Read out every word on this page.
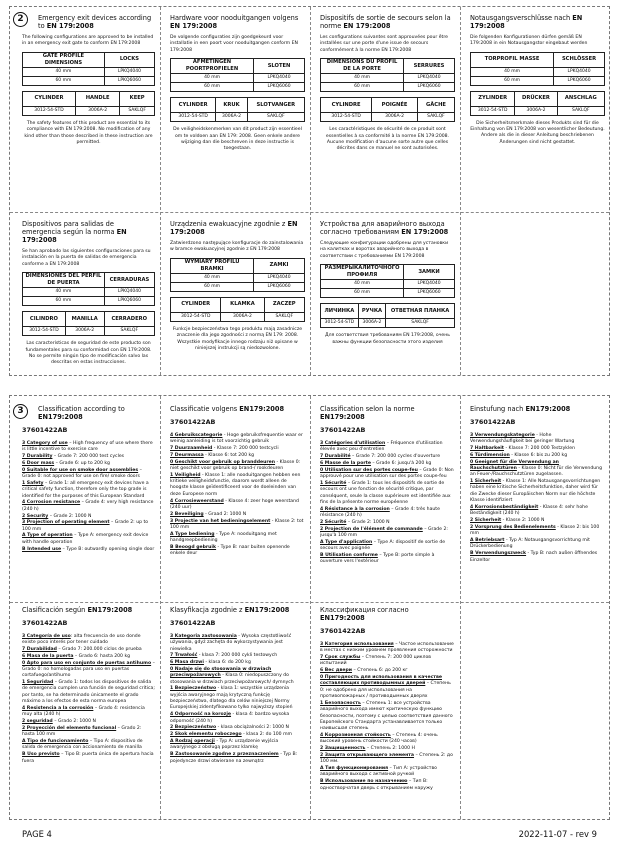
2
3
Emergency exit devices according to EN 179:2008
The following configurations are approved to be installed in an emergency exit gate to conform EN 179:2008
GATE PROFILE DIMENSIONS	LOCKS
40 mm	LPKQ4040
60 mm	LPKQ6060
CYLINDER	HANDLE	KEEP
3012-54-STD	3006A-2	SAKLQF
The safety features of this product are essential to its compliance with EN 179:2008. No modification of any kind other than those described in these instruction are permitted.
Hardware voor nooduitgangen volgens EN 179:2008
De volgende configuraties zijn goedgekeurd voor installatie in een poort voor nooduitgangen conform EN 179:2008
AFMETINGEN POORTPROFIELEN	SLOTEN
40 mm	LPKQ4040
60 mm	LPKQ6060
CYLINDER	KRUK	SLOTVANGER
3012-54-STD	3006A-2	SAKLQF
De veiligheidskenmerken van dit product zijn essentieel om te voldoen aan EN 179: 2008. Geen enkele andere wijziging dan die beschreven in deze instructie is toegestaan.
Dispositifs de sortie de secours selon la norme EN 179:2008
Les configurations suivantes sont approuvées pour être installées sur une porte d'une issue de secours conformément à la norme EN 179:2008
DIMENSIONS DU PROFIL DE LA PORTE	SERRURES
40 mm	LPKQ4040
60 mm	LPKQ6060
CYLINDRE	POIGNÉE	GÂCHE
3012-54-STD	3006A-2	SAKLQF
Les caractéristiques de sécurité de ce produit sont essentielles à sa conformité à la norme EN 179:2008. Aucune modification d'aucune sorte autre que celles décrites dans ce manuel ne sont autorisées.
Notausgangsverschlüsse nach EN 179:2008
Die folgenden Konfigurationen dürfen gemäß EN 179:2008 in ein Notausgangstor eingebaut werden
TORPROFIL MASSE	SCHLÖSSER
40 mm	LPKQ4040
60 mm	LPKQ6060
ZYLINDER	DRÜCKER	ANSCHLAG
3012-54-STD	3006A-2	SAKLQF
Die Sicherheitsmerkmale dieses Produkts sind für die Einhaltung von EN 179:2008 von wesentlicher Bedeutung. Andere als die in dieser Anleitung beschriebenen Änderungen sind nicht gestattet.
Dispositivos para salidas de emergencia según la norma EN 179:2008
Se han aprobado las siguientes configuraciones para su instalación en la puerta de salidas de emergencia conforme a EN 179:2008
DIMENSIONES DEL PERFIL DE PUERTA	CERRADURAS
40 mm	LPKQ4040
60 mm	LPKQ6060
CILINDRO	MANILLA	CERRADERO
3012-54-STD	3006A-2	SAKLQF
Las características de seguridad de este producto son fundamentales para su conformidad con EN 179:2008. No se permite ningún tipo de modificación salvo las descritas en estas instrucciones.
Urządzenia ewakuacyjne zgodnie z EN 179:2008
Zatwierdzono następujące konfiguracje do zainstalowania w bramce ewakuacyjnej zgodnie z EN 179:2008
WYMIARY PROFILU BRAMKI	ZAMKI
40 mm	LPKQ4040
60 mm	LPKQ6060
CYLINDER	KLAMKA	ZACZEP
3012-54-STD	3006A-2	SAKLQF
Funkcje bezpieczeństwa tego produktu mają zasadnicze znaczenie dla jego zgodności z normą EN 179: 2008. Wszystkie modyfikacje innego rodzaju niż opisane w niniejszej instrukcji są niedozwolone.
Устройства для аварийного выхода согласно требованиям EN 179:2008
Следующие конфигурации одобрены для установки на калитках и воротах аварийного выхода в соответствии с требованиями EN 179:2008
РАЗМЕРЫКАЛИТОЧНОГО ПРОФИЛЯ	ЗАМКИ
40 mm	LPKQ4040
60 mm	LPKQ6060
ЛИЧИНКА	РУЧКА	ОТВЕТНАЯ ПЛАНКА
3012-54-STD	3006A-2	SAKLQF
Для соответствия требованиям EN 179:2008, очень важны функции безопасности этого изделия
Classification according to EN179:2008
37601422AB
3 Category of use – High frequency of use where there is little incentive to exercise care
7 Durability – Grade 7: 200 000 test cycles
6 Door mass – Grade 6: up to 200 kg
0 Suitable for use on smoke door assemblies – Grade 0: not approved for use on fire/ smoke doors
1 Safety – Grade 1: all emergency exit devices have a critical safety function, therefore only the top grade is identified for the purposes of this European Standard
4 Corrosion resistance – Grade 4: very high resistance (240 h)
2 Security – Grade 2: 1000 N
3 Projection of operating element – Grade 2: up to 100 mm
A Type of operation – Type A: emergency exit device with handle operation
B Intended use – Type B: outwardly opening single door
Classificatie volgens EN179:2008
37601422AB
4 Gebruikscategorie - Hoge gebruiksfrequentie waar er weinig aanleiding is tot voorzichtig gebruik
7 Duurzaamheid - Klasse 7: 200 000 testcycli
7 Deurmassa - Klasse 6: tot 200 kg
0 Geschikt voor gebruik op branddeuren - Klasse 0: niet geschikt voor gebruik op brand-/ rookdeuren
1 Veiligheid - Klasse 1: alle nooduitgangen hebben een kritieke veiligheidsfunctie, daarom wordt alleen de hoogste klasse geïdentificeerd voor de doeleinden van deze Europese norm
4 Corrosieweerstand - Klasse 4: zeer hoge weerstand (240 uur)
2 Beveiliging - Graad 2: 1000 N
3 Projectie van het bedieningselement - Klasse 2: tot 100 mm
A Type bediening - Type A: nooduitgang met handgreepbediening
B Beoogd gebruik - Type B: naar buiten openende enkele deur
Classification selon la norme EN179:2008
37601422AB
3 Catégories d'utilisation – Fréquence d'utilisation élevée avec peu d'entretien
7 Durabilité – Grade 7: 200 000 cycles d'ouverture
6 Masse de la porte – Grade 6: jusqu'à 200 kg
0 Utilisation sur des portes coupe-feu – Grade 0: Non approuvé pour une utilisation sur des portes coupe-feu
1 Sécurité – Grade 1: tous les dispositifs de sortie de secours ont une fonction de sécurité critique, par conséquent, seule la classe supérieure est identifiée aux fins de la présente norme européenne
4 Résistance à la corrosion – Grade 4: très haute résistance (240 h)
2 Sécurité – Grade 2: 1000 N
2 Projection de l'élément de commande – Grade 2: jusqu'à 100 mm
A Type d'application – Type A: dispositif de sortie de secours avec poignée
B Utilisation conforme – Type B: porte simple à ouverture vers l'extérieur
Einstufung nach EN179:2008
37601422AB
3 Verwendungskategorie - Hohe Verwendungshäufigkeit bei geringer Wartung
7 Haltbarkeit - Klasse 7: 200 000 Testzyklen
6 Türdimension - Klasse 6: bis zu 200 kg
0 Geeignet für die Verwendung an Rauchschutztüren - Klasse 0: Nicht für die Verwendung an Feuer-/Rauchschutztüren zugelassen.
1 Sicherheit - Klasse 1: Alle Notausgangsvorrichtungen haben eine kritische Sicherheitsfunktion, daher wird für die Zwecke dieser Europäischen Norm nur die höchste Klasse identifiziert
4 Korrosionsbeständigkeit - Klasse 4: sehr hohe Beständigkeit (240 h)
2 Sicherheit - Klasse 2: 1000 N
2 Vorsprung des Bedienelements - Klasse 2: bis 100 mm
A Betriebsart - Typ A: Notausgangsvorrichtung mit Drückerbedienung
B Verwendungszweck - Typ B: nach außen öffnendes Einzeltor
Clasificación según EN179:2008
37601422AB
3 Categoría de uso: alta frecuencia de uso donde existe poco interés por tener cuidado
7 Durabilidad – Grado 7: 200.000 ciclos de prueba
6 Masa de la puerta – Grado 6: hasta 200 kg
0 Apto para uso en conjunto de puertas antihumo – Grado 0: no homologadas para uso en puertas cortafuego/antihumo
1 Seguridad – Grado 1: todos los dispositivos de salida de emergencia cumplen una función de seguridad crítica; por tanto, se ha determinado únicamente el grado máximo a los efectos de esta norma europea
4 Resistencia a la corrosión – Grado 4: resistencia muy alta (240 h)
2 seguridad – Grado 2: 1000 N
2 Proyección del elemento funcional – Grado 2: hasta 100 mm
A Tipo de funcionamiento – Tipo A: dispositivo de salida de emergencia con accionamiento de manilla
B Uso previsto – Tipo B: puerta única de apertura hacia fuera
Klasyfikacja zgodnie z EN179:2008
37601422AB
3 Kategoria zastosowania - Wysoka częstotliwość używania, gdyż zachęta do wykorzystywania jest niewielka
7 Trwałość - klasa 7: 200 000 cykli testowych
6 Masa drzwi - klasa 6: do 200 kg
0 Nadaje się do stosowania w drzwiach przeciwpożarowych - Klasa 0: niedopuszczony do stosowania w drzwiach przeciwpożarowych/ dymnych
1 Bezpieczeństwo - klasa 1: wszystkie urządzenia wyjścia awaryjnego mają krytyczną funkcję bezpieczeństwa, dlatego dla celów niniejszej Normy Europejskiej zidentyfikowano tylko najwyższy stopień
4 Odporność na korozję - klasa 4: bardzo wysoka odporność (240 h)
2 Bezpieczeństwo - klasa obciążalności 2: 1000 N
2 Skok elementu roboczego - klasa 2: do 100 mm
A Rodzaj operacji - Typ A: urządzenie wyjścia awaryjnego z obsługą poprzez klamkę
B Zastosowanie zgodne z przeznaczeniem - Typ B: pojedyncze drzwi otwierane na zewnątrz
Классификация согласно EN179:2008
37601422AB
3 Категория использования – Частое использование в местах с низким уровнем проявления осторожности
7 Срок службы – Степень 7: 200 000 циклов испытаний
6 Вес двери – Степень 6: до 200 кг
0 Пригодность для использования в качестве составляющих противодымных дверей – Степень 0: не одобрено для использования на противопожарных / противодымных дверях
1 Безопасность – Степень 1: все устройства аварийного выхода имеют критическую функцию безопасности, поэтому с целью соответствия данного Европейского Стандарта устанавливается только наивысшая степень
4 Коррозионная стойкость – Степень 4: очень высокий уровень стойкости (240 часов)
2 Защищенность – Степень 2: 1000 Н
2 Защита открывающего элемента – Степень 2: до 100 мм.
A Тип функционирования – Тип A: устройство аварийного выхода с активной ручкой
B Использование по назначению – Тип B: одностворчатая дверь с открыванием наружу
PAGE 4	2022-11-07 - rev 9
